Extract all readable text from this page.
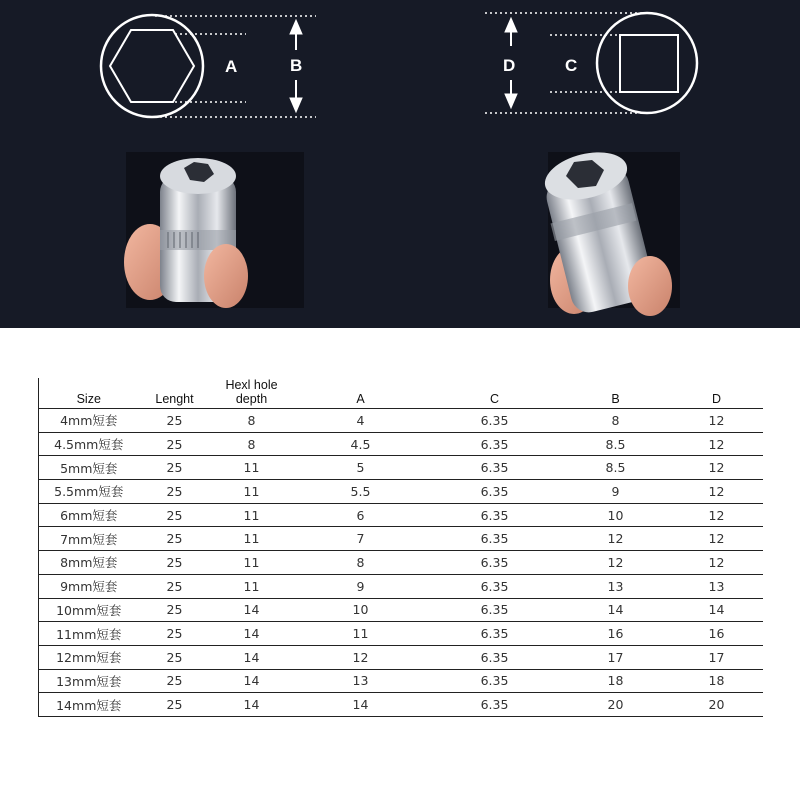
A	B	C
D
Size	Lenght	Hexl hole depth	A	C	B	D
4mm短套	25	8	4	6.35	8	12
4.5mm短套	25	8	4.5	6.35	8.5	12
5mm短套	25	11	5	6.35	8.5	12
5.5mm短套	25	11	5.5	6.35	9	12
6mm短套	25	11	6	6.35	10	12
7mm短套	25	11	7	6.35	12	12
8mm短套	25	11	8	6.35	12	12
9mm短套	25	11	9	6.35	13	13
10mm短套	25	14	10	6.35	14	14
11mm短套	25	14	11	6.35	16	16
12mm短套	25	14	12	6.35	17	17
13mm短套	25	14	13	6.35	18	18
14mm短套	25	14	14	6.35	20	20
